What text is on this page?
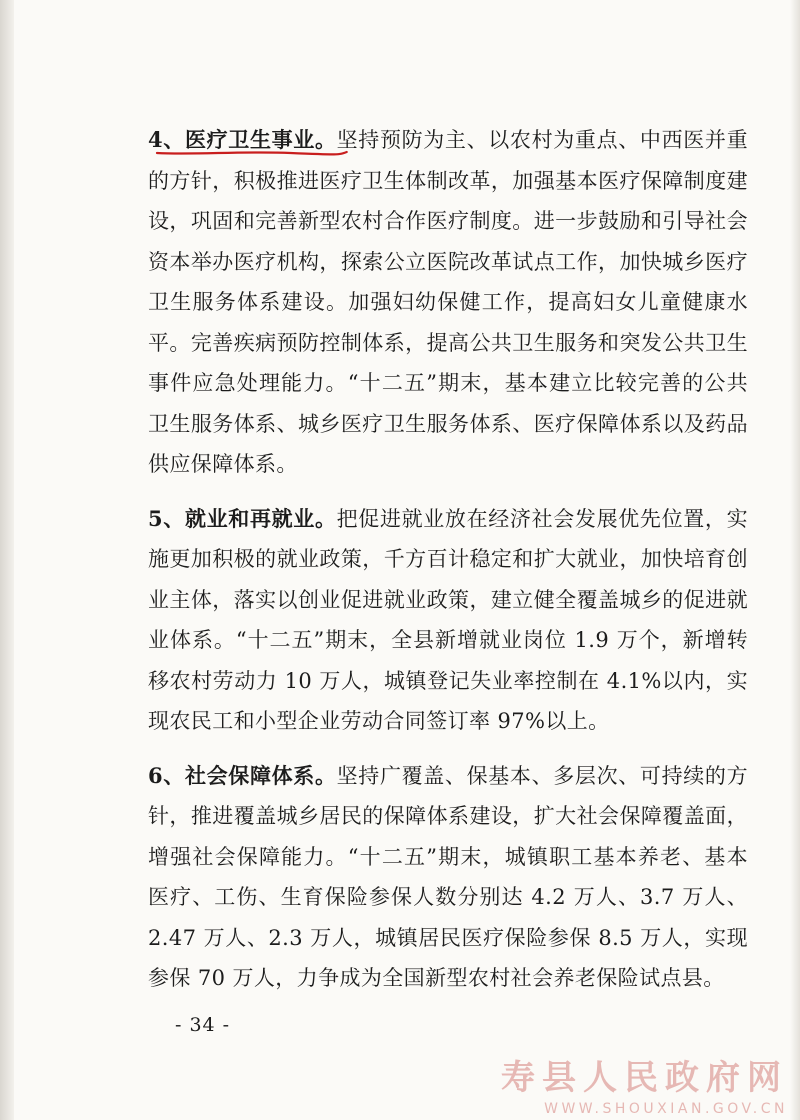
4、医疗卫生事业。
坚持预防为主、以农村为重点、中西医并重的方针，积极推进医疗卫生体制改革，加强基本医疗保障制度建设，巩固和完善新型农村合作医疗制度。进一步鼓励和引导社会资本举办医疗机构，探索公立医院改革试点工作，加快城乡医疗卫生服务体系建设。加强妇幼保健工作，提高妇女儿童健康水平。完善疾病预防控制体系，提高公共卫生服务和突发公共卫生事件应急处理能力。“十二五”期末，基本建立比较完善的公共卫生服务体系、城乡医疗卫生服务体系、医疗保障体系以及药品供应保障体系。

5、就业和再就业。把促进就业放在经济社会发展优先位置，实施更加积极的就业政策，千方百计稳定和扩大就业，加快培育创业主体，落实以创业促进就业政策，建立健全覆盖城乡的促进就业体系。“十二五”期末，全县新增就业岗位 1.9 万个，新增转移农村劳动力 10 万人，城镇登记失业率控制在 4.1%以内，实现农民工和小型企业劳动合同签订率 97%以上。

6、社会保障体系。坚持广覆盖、保基本、多层次、可持续的方针，推进覆盖城乡居民的保障体系建设，扩大社会保障覆盖面，增强社会保障能力。“十二五”期末，城镇职工基本养老、基本医疗、工伤、生育保险参保人数分别达 4.2 万人、3.7 万人、2.47 万人、2.3 万人，城镇居民医疗保险参保 8.5 万人，实现参保 70 万人，力争成为全国新型农村社会养老保险试点县。

- 34 -
寿县人民政府网
WWW.SHOUXIAN.GOV.CN
